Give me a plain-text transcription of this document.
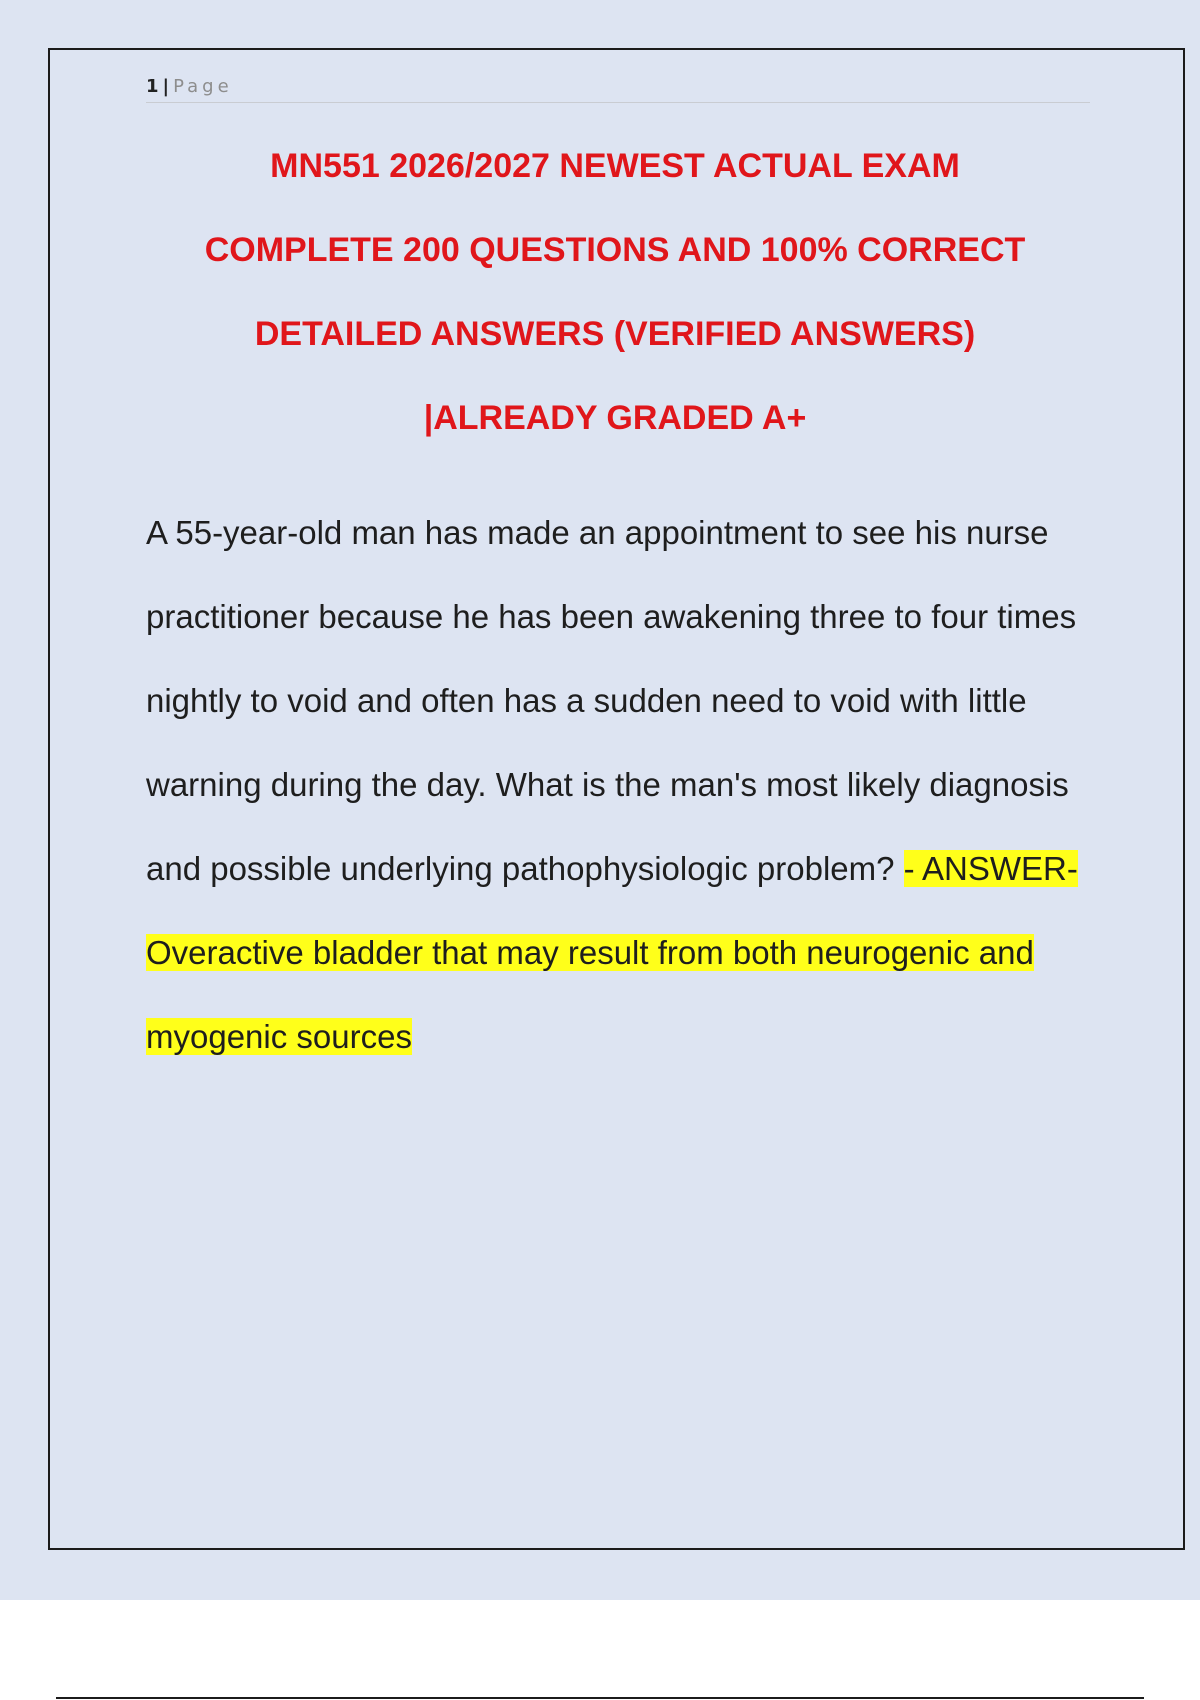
1 | Page
MN551 2026/2027 NEWEST ACTUAL EXAM
COMPLETE 200 QUESTIONS AND 100% CORRECT
DETAILED ANSWERS (VERIFIED ANSWERS)
|ALREADY GRADED A+
A 55-year-old man has made an appointment to see his nurse practitioner because he has been awakening three to four times nightly to void and often has a sudden need to void with little warning during the day. What is the man's most likely diagnosis and possible underlying pathophysiologic problem? - ANSWER-Overactive bladder that may result from both neurogenic and myogenic sources
